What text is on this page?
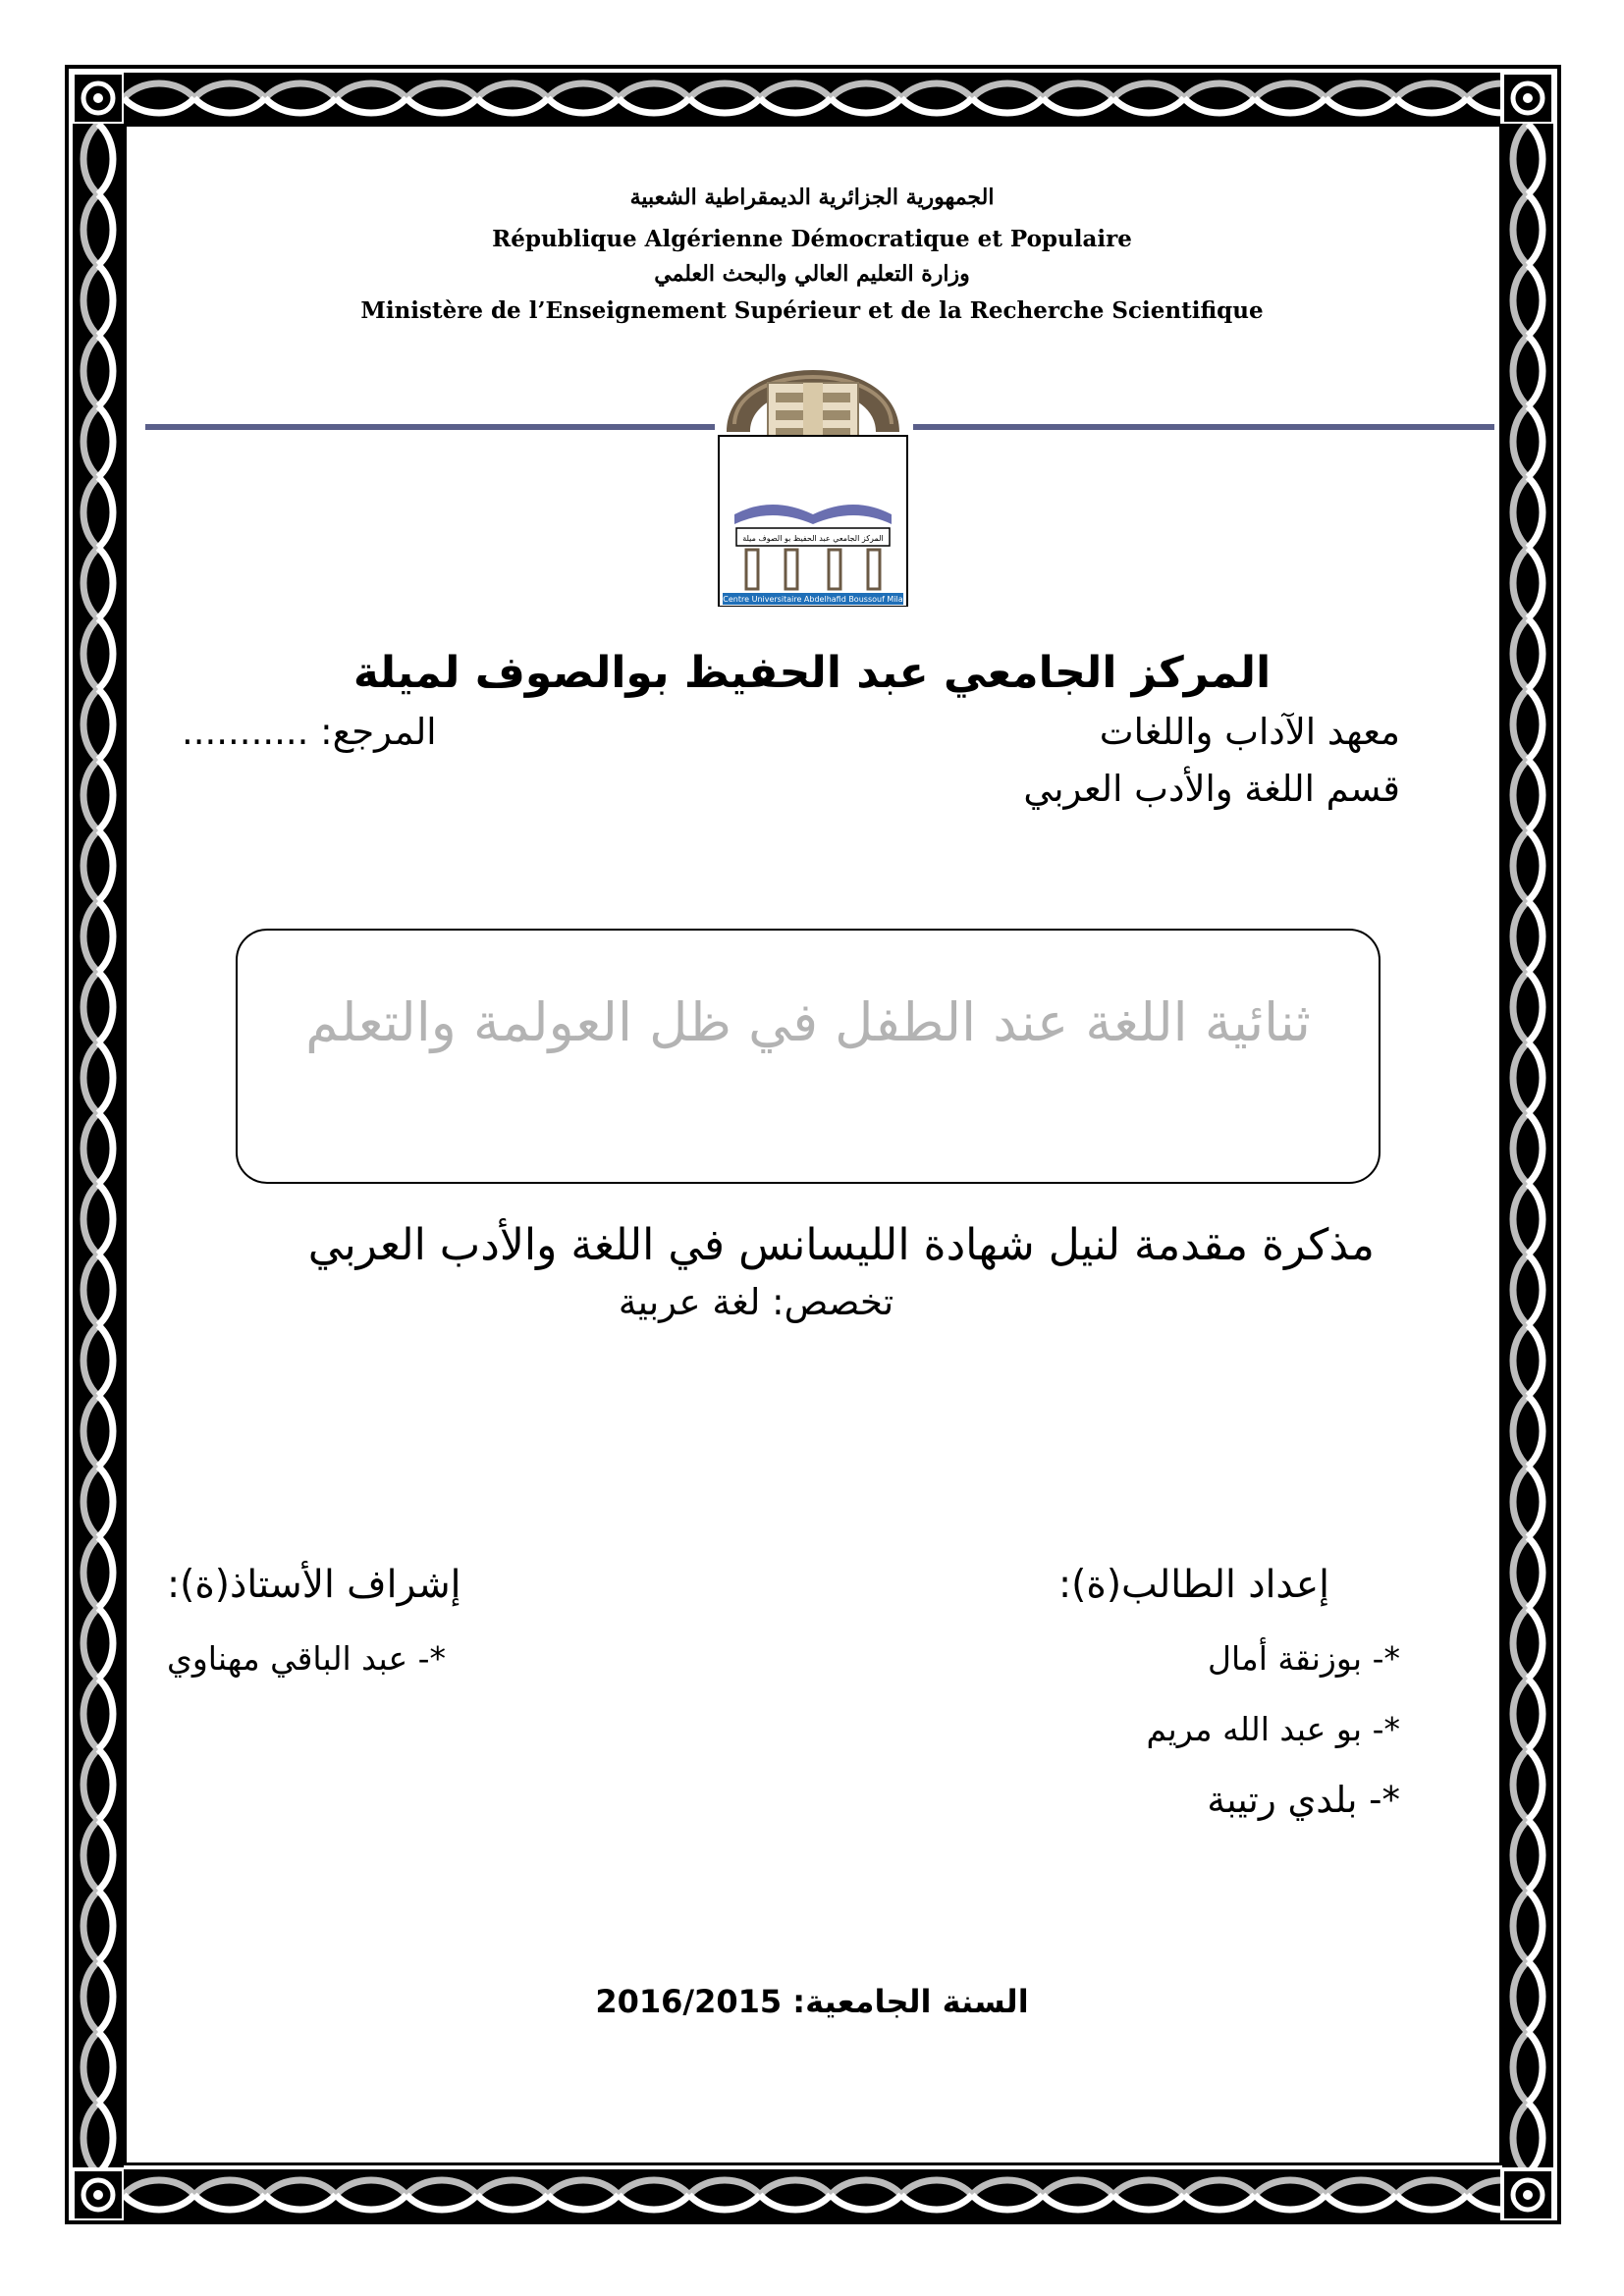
الجمهورية الجزائرية الديمقراطية الشعبية
République Algérienne Démocratique et Populaire
وزارة التعليم العالي والبحث العلمي
Ministère de l’Enseignement Supérieur et de la Recherche Scientifique
المركز الجامعي عبد الحفيظ بو الصوف ميلة
Centre Universitaire Abdelhafid Boussouf Mila
المركز الجامعي عبد الحفيظ بوالصوف لميلة
معهد الآداب واللغات
قسم اللغة والأدب العربي
المرجع: ...........
ثنائية اللغة عند الطفل في ظل العولمة والتعلم
مذكرة مقدمة لنيل شهادة الليسانس في اللغة والأدب العربي
تخصص: لغة عربية
إعداد الطالب(ة):
إشراف الأستاذ(ة):
*- بوزنقة أمال
*- بو عبد الله مريم
*- بلدي رتيبة
*- عبد الباقي مهناوي
السنة الجامعية: 2016/2015
